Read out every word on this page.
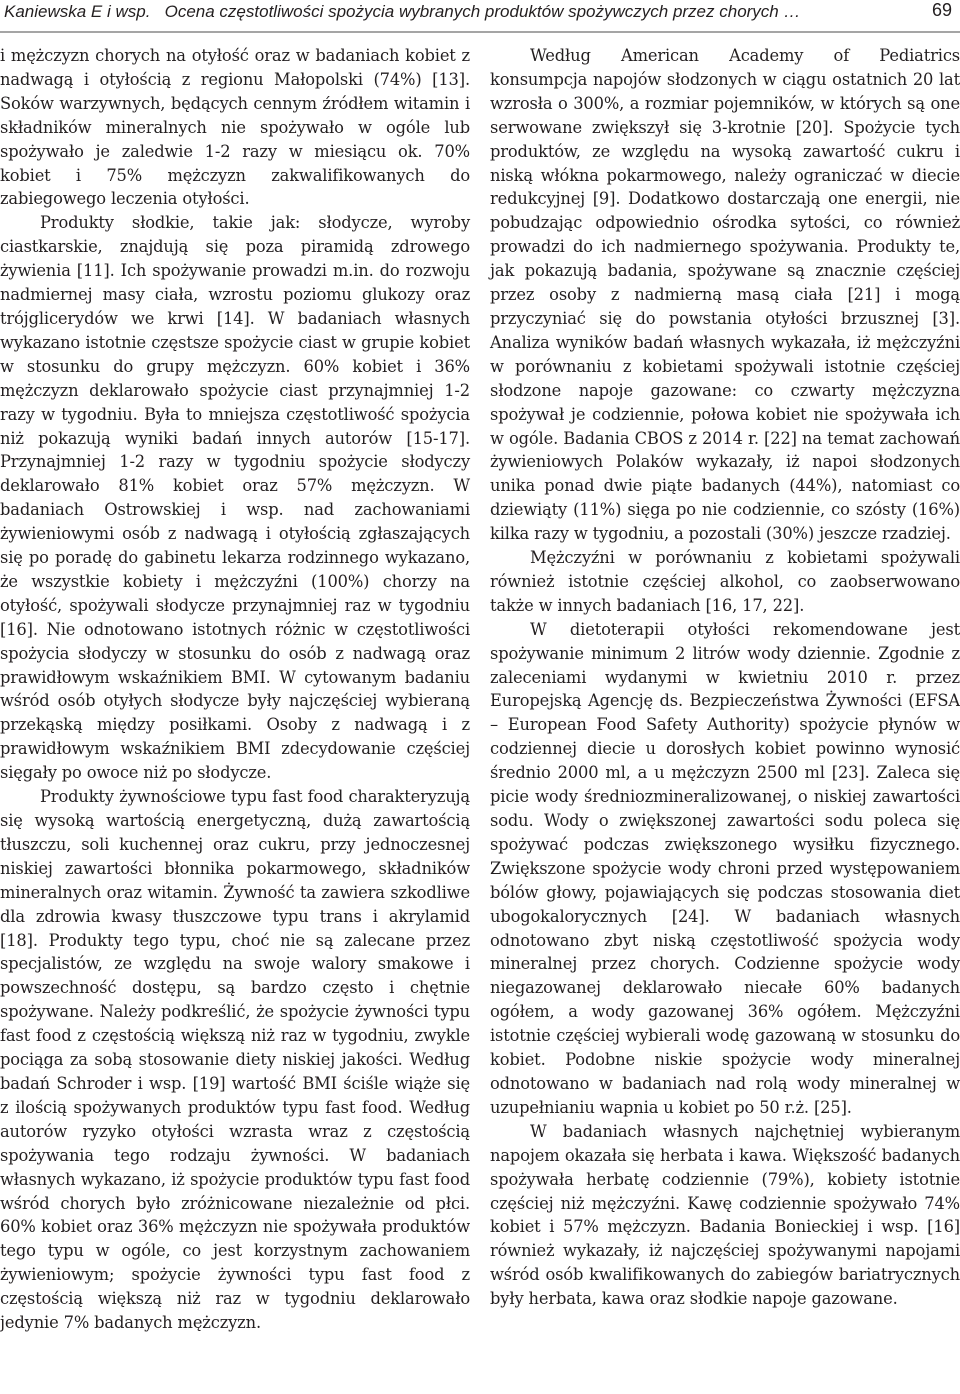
Kaniewska E i wsp. Ocena częstotliwości spożycia wybranych produktów spożywczych przez chorych …	69

i mężczyzn chorych na otyłość oraz w badaniach kobiet z nadwagą i otyłością z regionu Małopolski (74%) [13]. Soków warzywnych, będących cennym źródłem witamin i składników mineralnych nie spożywało w ogóle lub spożywało je zaledwie 1-2 razy w miesiącu ok. 70% kobiet i 75% mężczyzn zakwalifikowanych do zabiegowego leczenia otyłości.

Produkty słodkie, takie jak: słodycze, wyroby ciastkarskie, znajdują się poza piramidą zdrowego żywienia [11]. Ich spożywanie prowadzi m.in. do rozwoju nadmiernej masy ciała, wzrostu poziomu glukozy oraz trójglicerydów we krwi [14]. W badaniach własnych wykazano istotnie częstsze spożycie ciast w grupie kobiet w stosunku do grupy mężczyzn. 60% kobiet i 36% mężczyzn deklarowało spożycie ciast przynajmniej 1-2 razy w tygodniu. Była to mniejsza częstotliwość spożycia niż pokazują wyniki badań innych autorów [15-17]. Przynajmniej 1-2 razy w tygodniu spożycie słodyczy deklarowało 81% kobiet oraz 57% mężczyzn. W badaniach Ostrowskiej i wsp. nad zachowaniami żywieniowymi osób z nadwagą i otyłością zgłaszających się po poradę do gabinetu lekarza rodzinnego wykazano, że wszystkie kobiety i mężczyźni (100%) chorzy na otyłość, spożywali słodycze przynajmniej raz w tygodniu [16]. Nie odnotowano istotnych różnic w częstotliwości spożycia słodyczy w stosunku do osób z nadwagą oraz prawidłowym wskaźnikiem BMI. W cytowanym badaniu wśród osób otyłych słodycze były najczęściej wybieraną przekąską między posiłkami. Osoby z nadwagą i z prawidłowym wskaźnikiem BMI zdecydowanie częściej sięgały po owoce niż po słodycze.

Produkty żywnościowe typu fast food charakteryzują się wysoką wartością energetyczną, dużą zawartością tłuszczu, soli kuchennej oraz cukru, przy jednoczesnej niskiej zawartości błonnika pokarmowego, składników mineralnych oraz witamin. Żywność ta zawiera szkodliwe dla zdrowia kwasy tłuszczowe typu trans i akrylamid [18]. Produkty tego typu, choć nie są zalecane przez specjalistów, ze względu na swoje walory smakowe i powszechność dostępu, są bardzo często i chętnie spożywane. Należy podkreślić, że spożycie żywności typu fast food z częstością większą niż raz w tygodniu, zwykle pociąga za sobą stosowanie diety niskiej jakości. Według badań Schroder i wsp. [19] wartość BMI ściśle wiąże się z ilością spożywanych produktów typu fast food. Według autorów ryzyko otyłości wzrasta wraz z częstością spożywania tego rodzaju żywności. W badaniach własnych wykazano, iż spożycie produktów typu fast food wśród chorych było zróżnicowane niezależnie od płci. 60% kobiet oraz 36% mężczyzn nie spożywała produktów tego typu w ogóle, co jest korzystnym zachowaniem żywieniowym; spożycie żywności typu fast food z częstością większą niż raz w tygodniu deklarowało jedynie 7% badanych mężczyzn.

Według American Academy of Pediatrics konsumpcja napojów słodzonych w ciągu ostatnich 20 lat wzrosła o 300%, a rozmiar pojemników, w których są one serwowane zwiększył się 3-krotnie [20]. Spożycie tych produktów, ze względu na wysoką zawartość cukru i niską włókna pokarmowego, należy ograniczać w diecie redukcyjnej [9]. Dodatkowo dostarczają one energii, nie pobudzając odpowiednio ośrodka sytości, co również prowadzi do ich nadmiernego spożywania. Produkty te, jak pokazują badania, spożywane są znacznie częściej przez osoby z nadmierną masą ciała [21] i mogą przyczyniać się do powstania otyłości brzusznej [3]. Analiza wyników badań własnych wykazała, iż mężczyźni w porównaniu z kobietami spożywali istotnie częściej słodzone napoje gazowane: co czwarty mężczyzna spożywał je codziennie, połowa kobiet nie spożywała ich w ogóle. Badania CBOS z 2014 r. [22] na temat zachowań żywieniowych Polaków wykazały, iż napoi słodzonych unika ponad dwie piąte badanych (44%), natomiast co dziewiąty (11%) sięga po nie codziennie, co szósty (16%) kilka razy w tygodniu, a pozostali (30%) jeszcze rzadziej.

Mężczyźni w porównaniu z kobietami spożywali również istotnie częściej alkohol, co zaobserwowano także w innych badaniach [16, 17, 22].

W dietoterapii otyłości rekomendowane jest spożywanie minimum 2 litrów wody dziennie. Zgodnie z zaleceniami wydanymi w kwietniu 2010 r. przez Europejską Agencję ds. Bezpieczeństwa Żywności (EFSA – European Food Safety Authority) spożycie płynów w codziennej diecie u dorosłych kobiet powinno wynosić średnio 2000 ml, a u mężczyzn 2500 ml [23]. Zaleca się picie wody średniozmineralizowanej, o niskiej zawartości sodu. Wody o zwiększonej zawartości sodu poleca się spożywać podczas zwiększonego wysiłku fizycznego. Zwiększone spożycie wody chroni przed występowaniem bólów głowy, pojawiających się podczas stosowania diet ubogokalorycznych [24]. W badaniach własnych odnotowano zbyt niską częstotliwość spożycia wody mineralnej przez chorych. Codzienne spożycie wody niegazowanej deklarowało niecałe 60% badanych ogółem, a wody gazowanej 36% ogółem. Mężczyźni istotnie częściej wybierali wodę gazowaną w stosunku do kobiet. Podobne niskie spożycie wody mineralnej odnotowano w badaniach nad rolą wody mineralnej w uzupełnianiu wapnia u kobiet po 50 r.ż. [25].

W badaniach własnych najchętniej wybieranym napojem okazała się herbata i kawa. Większość badanych spożywała herbatę codziennie (79%), kobiety istotnie częściej niż mężczyźni. Kawę codziennie spożywało 74% kobiet i 57% mężczyzn. Badania Bonieckiej i wsp. [16] również wykazały, iż najczęściej spożywanymi napojami wśród osób kwalifikowanych do zabiegów bariatrycznych były herbata, kawa oraz słodkie napoje gazowane.
